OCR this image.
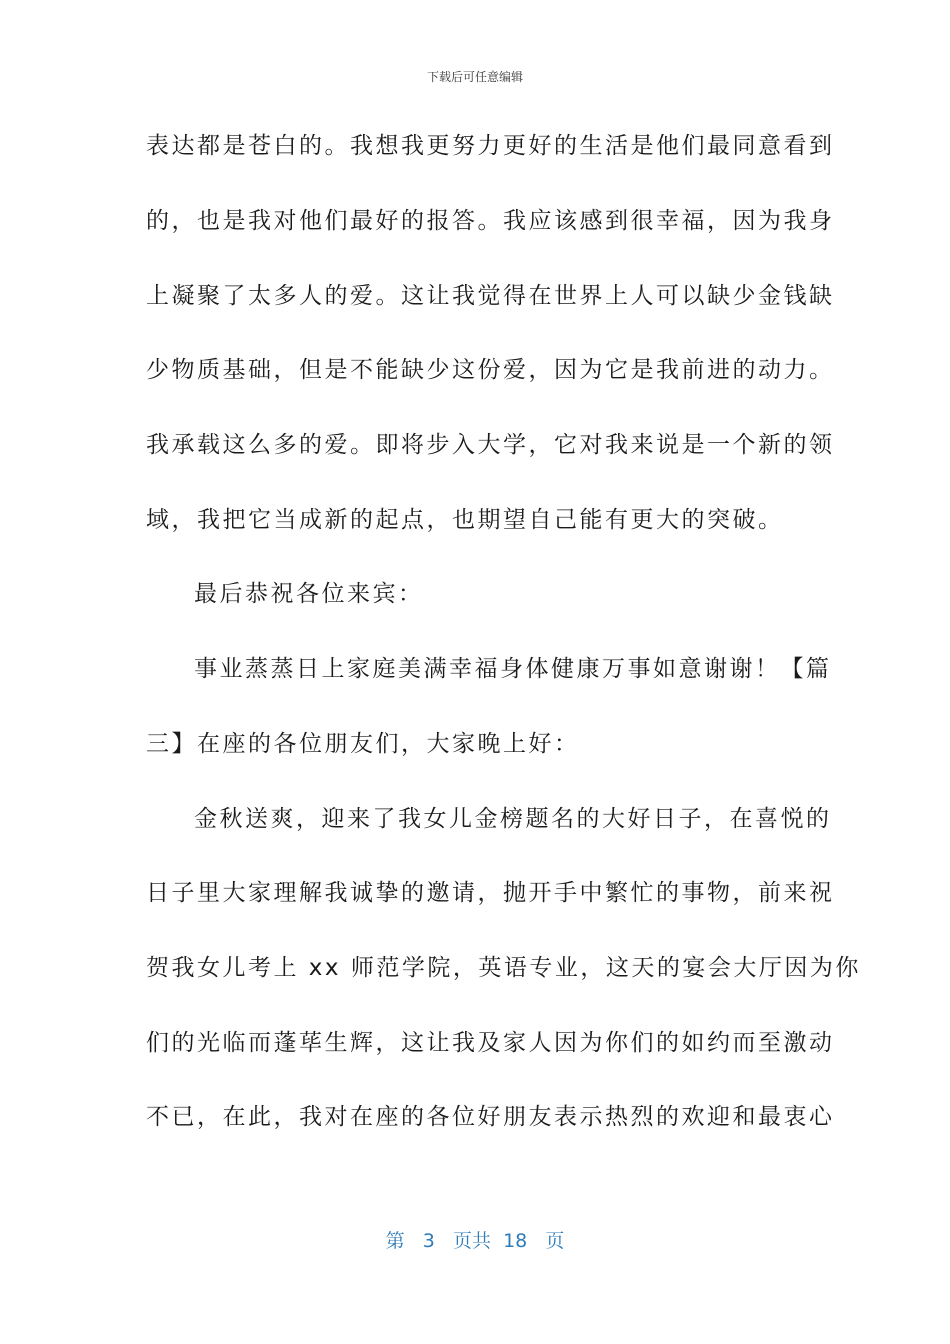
下载后可任意编辑
表达都是苍白的。我想我更努力更好的生活是他们最同意看到
的，也是我对他们最好的报答。我应该感到很幸福，因为我身
上凝聚了太多人的爱。这让我觉得在世界上人可以缺少金钱缺
少物质基础，但是不能缺少这份爱，因为它是我前进的动力。
我承载这么多的爱。即将步入大学，它对我来说是一个新的领
域，我把它当成新的起点，也期望自己能有更大的突破。
最后恭祝各位来宾：
事业蒸蒸日上家庭美满幸福身体健康万事如意谢谢！【篇
三】在座的各位朋友们，大家晚上好：
金秋送爽，迎来了我女儿金榜题名的大好日子，在喜悦的
日子里大家理解我诚挚的邀请，抛开手中繁忙的事物，前来祝
贺我女儿考上 xx 师范学院，英语专业，这天的宴会大厅因为你
们的光临而蓬荜生辉，这让我及家人因为你们的如约而至激动
不已，在此，我对在座的各位好朋友表示热烈的欢迎和最衷心
第 3 页共 18 页
